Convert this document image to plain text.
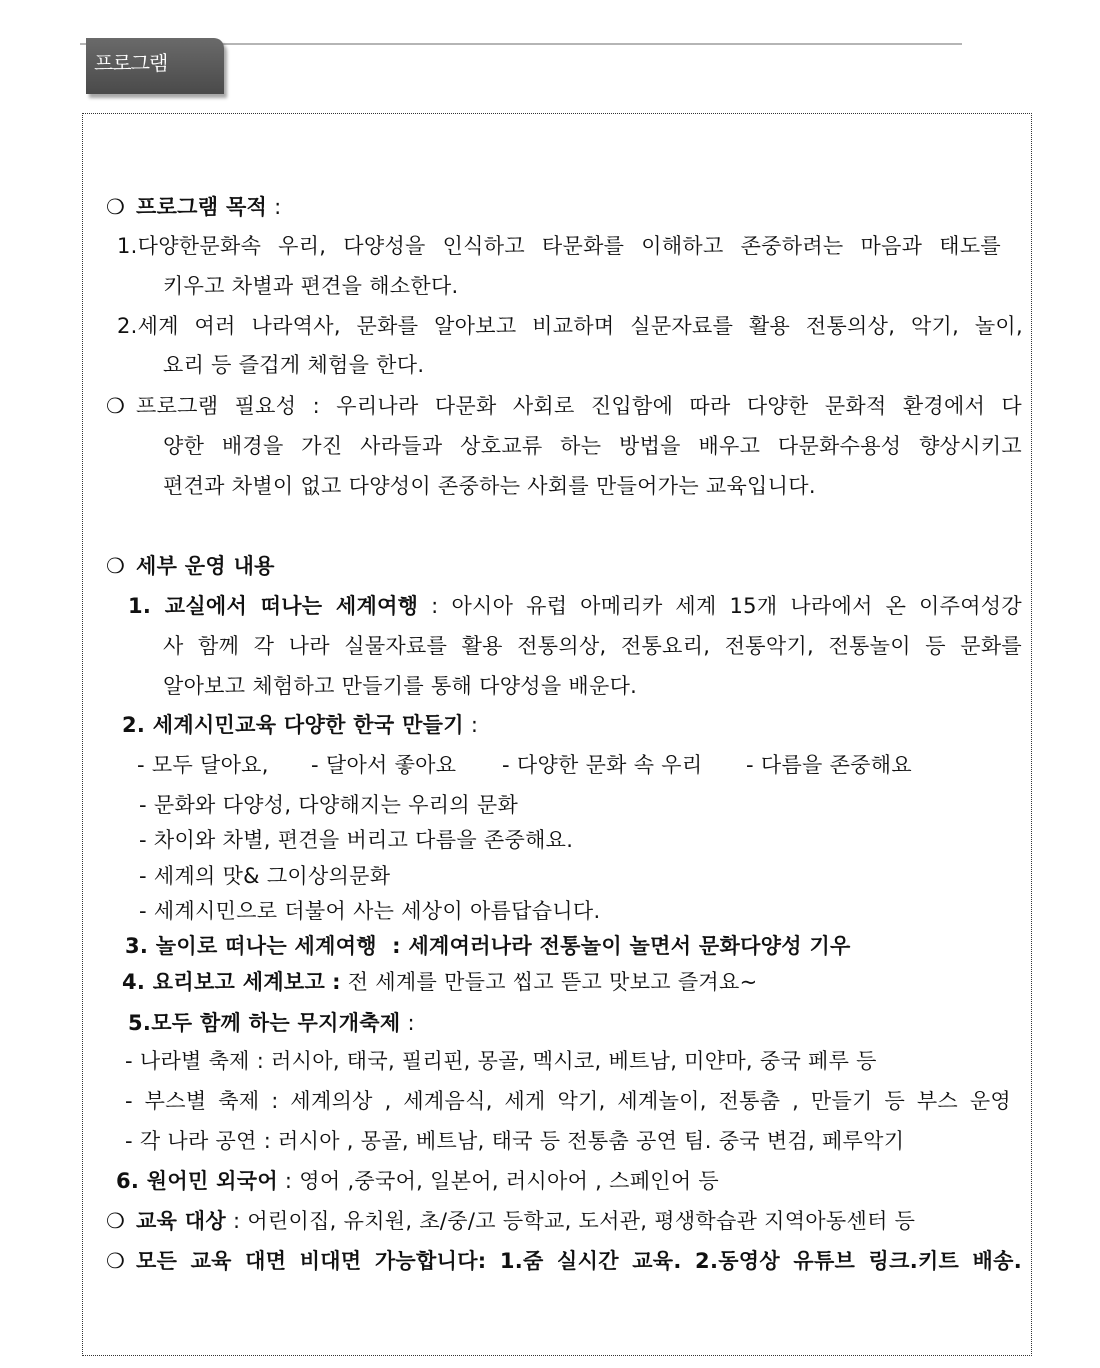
프로그램
❍ 프로그램 목적 :
1.다양한문화속 우리, 다양성을 인식하고 타문화를 이해하고 존중하려는 마음과 태도를
키우고 차별과 편견을 해소한다.
2.세계 여러 나라역사, 문화를 알아보고 비교하며 실문자료를 활용 전통의상, 악기, 놀이,
요리 등 즐겁게 체험을 한다.
❍ 프로그램 필요성 : 우리나라 다문화 사회로 진입함에 따라 다양한 문화적 환경에서 다
양한 배경을 가진 사라들과 상호교류 하는 방법을 배우고 다문화수용성 향상시키고
편견과 차별이 없고 다양성이 존중하는 사회를 만들어가는 교육입니다.
❍ 세부 운영 내용
1. 교실에서 떠나는 세계여행 : 아시아 유럽 아메리카 세계 15개 나라에서 온 이주여성강
사 함께 각 나라 실물자료를 활용 전통의상, 전통요리, 전통악기, 전통놀이 등 문화를
알아보고 체험하고 만들기를 통해 다양성을 배운다.
2. 세계시민교육 다양한 한국 만들기 :
- 모두 달아요, - 달아서 좋아요 - 다양한 문화 속 우리 - 다름을 존중해요
- 문화와 다양성, 다양해지는 우리의 문화
- 차이와 차별, 편견을 버리고 다름을 존중해요.
- 세계의 맛& 그이상의문화
- 세계시민으로 더불어 사는 세상이 아름답습니다.
3. 놀이로 떠나는 세계여행 : 세계여러나라 전통놀이 놀면서 문화다양성 기우
4. 요리보고 세계보고 : 전 세계를 만들고 씹고 뜯고 맛보고 즐겨요~
5.모두 함께 하는 무지개축제 :
- 나라별 축제 : 러시아, 태국, 필리핀, 몽골, 멕시코, 베트남, 미얀마, 중국 페루 등
- 부스별 축제 : 세계의상 , 세계음식, 세게 악기, 세계놀이, 전통춤 , 만들기 등 부스 운영
- 각 나라 공연 : 러시아 , 몽골, 베트남, 태국 등 전통춤 공연 팀. 중국 변검, 페루악기
6. 원어민 외국어 : 영어 ,중국어, 일본어, 러시아어 , 스페인어 등
❍ 교육 대상 : 어린이집, 유치원, 초/중/고 등학교, 도서관, 평생학습관 지역아동센터 등
❍ 모든 교육 대면 비대면 가능합니다: 1.줌 실시간 교육. 2.동영상 유튜브 링크.키트 배송.
